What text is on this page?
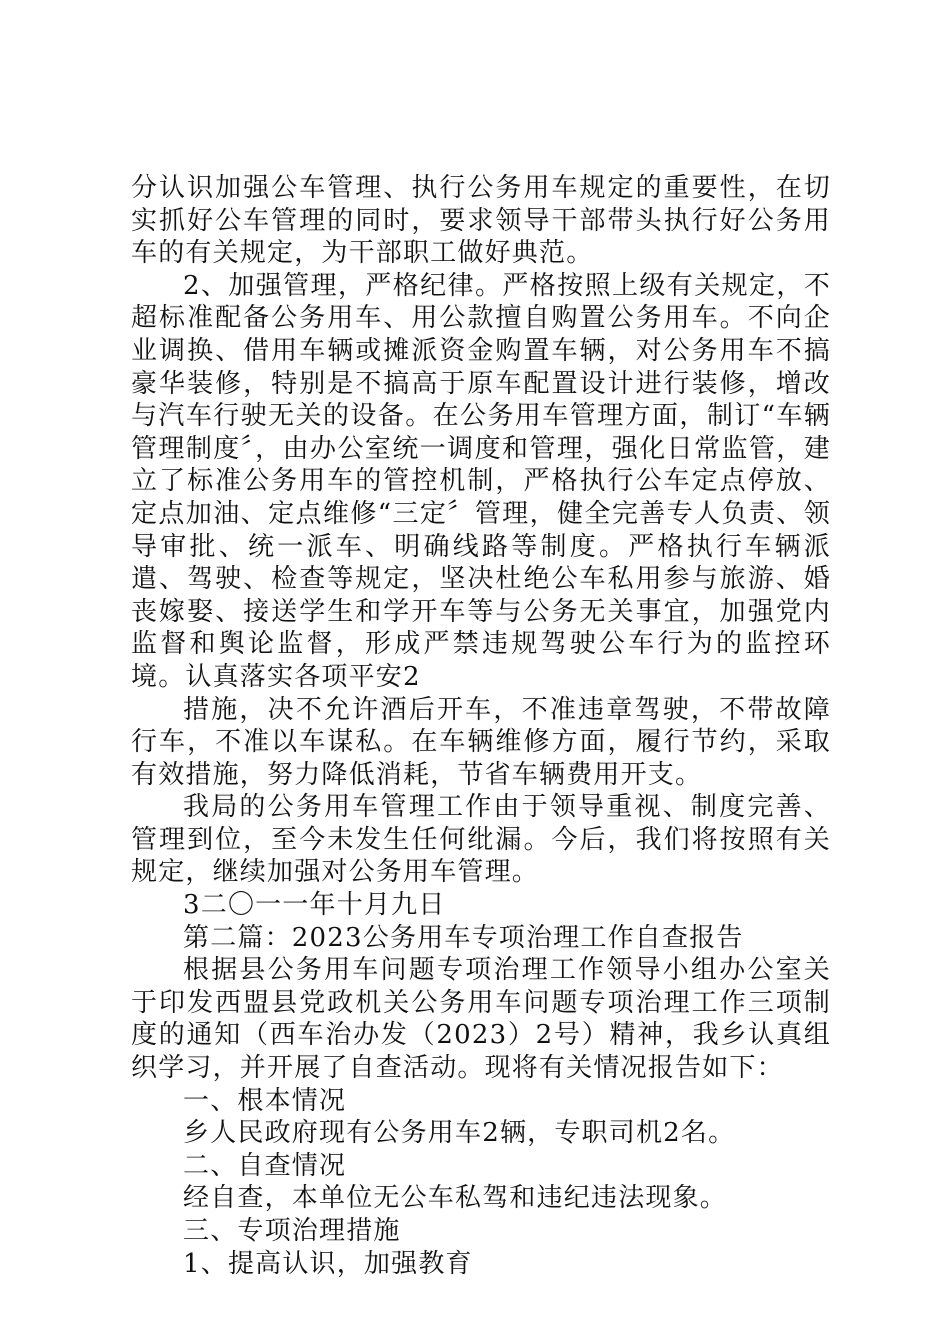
分认识加强公车管理、执行公务用车规定的重要性，在切实抓好公车管理的同时，要求领导干部带头执行好公务用车的有关规定，为干部职工做好典范。

2、加强管理，严格纪律。严格按照上级有关规定，不超标准配备公务用车、用公款擅自购置公务用车。不向企业调换、借用车辆或摊派资金购置车辆，对公务用车不搞豪华装修，特别是不搞高于原车配置设计进行装修，增改与汽车行驶无关的设备。在公务用车管理方面，制订“车辆管理制度〞，由办公室统一调度和管理，强化日常监管，建立了标准公务用车的管控机制，严格执行公车定点停放、定点加油、定点维修“三定〞管理，健全完善专人负责、领导审批、统一派车、明确线路等制度。严格执行车辆派遣、驾驶、检查等规定，坚决杜绝公车私用参与旅游、婚丧嫁娶、接送学生和学开车等与公务无关事宜，加强党内监督和舆论监督，形成严禁违规驾驶公车行为的监控环境。认真落实各项平安2

措施，决不允许酒后开车，不准违章驾驶，不带故障行车，不准以车谋私。在车辆维修方面，履行节约，采取有效措施，努力降低消耗，节省车辆费用开支。

我局的公务用车管理工作由于领导重视、制度完善、管理到位，至今未发生任何纰漏。今后，我们将按照有关规定，继续加强对公务用车管理。

3二〇一一年十月九日

第二篇：2023公务用车专项治理工作自查报告

根据县公务用车问题专项治理工作领导小组办公室关于印发西盟县党政机关公务用车问题专项治理工作三项制度的通知（西车治办发（2023）2号）精神，我乡认真组织学习，并开展了自查活动。现将有关情况报告如下：

一、根本情况

乡人民政府现有公务用车2辆，专职司机2名。

二、自查情况

经自查，本单位无公车私驾和违纪违法现象。

三、专项治理措施

1、提高认识，加强教育
